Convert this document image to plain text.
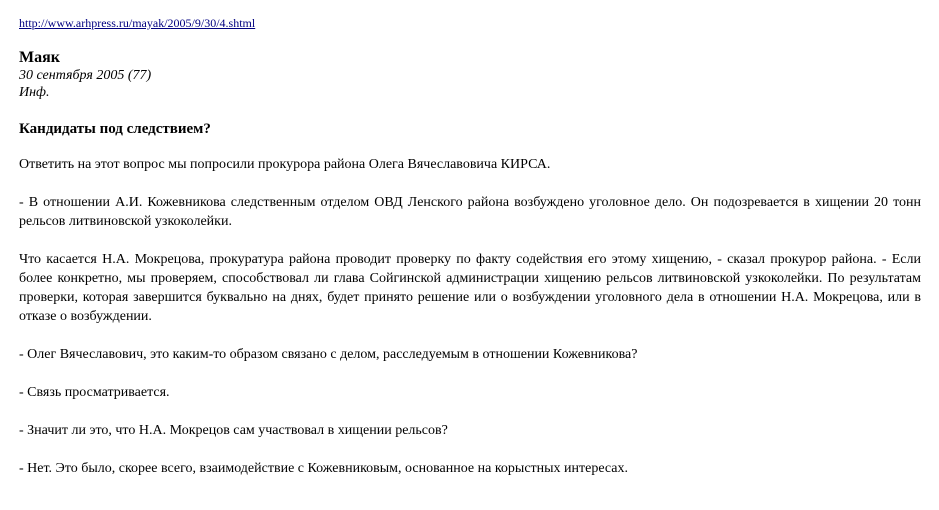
http://www.arhpress.ru/mayak/2005/9/30/4.shtml
Маяк
30 сентября 2005 (77)
Инф.
Кандидаты под следствием?

Ответить на этот вопрос мы попросили прокурора района Олега Вячеславовича КИРСА.

- В отношении А.И. Кожевникова следственным отделом ОВД Ленского района возбуждено уголовное дело. Он подозревается в хищении 20 тонн рельсов литвиновской узкоколейки.

Что касается Н.А. Мокрецова, прокуратура района проводит проверку по факту содействия его этому хищению, - сказал прокурор района. - Если более конкретно, мы проверяем, способствовал ли глава Сойгинской администрации хищению рельсов литвиновской узкоколейки. По результатам проверки, которая завершится буквально на днях, будет принято решение или о возбуждении уголовного дела в отношении Н.А. Мокрецова, или в отказе о возбуждении.

- Олег Вячеславович, это каким-то образом связано с делом, расследуемым в отношении Кожевникова?

- Связь просматривается.

- Значит ли это, что Н.А. Мокрецов сам участвовал в хищении рельсов?

- Нет. Это было, скорее всего, взаимодействие с Кожевниковым, основанное на корыстных интересах.
